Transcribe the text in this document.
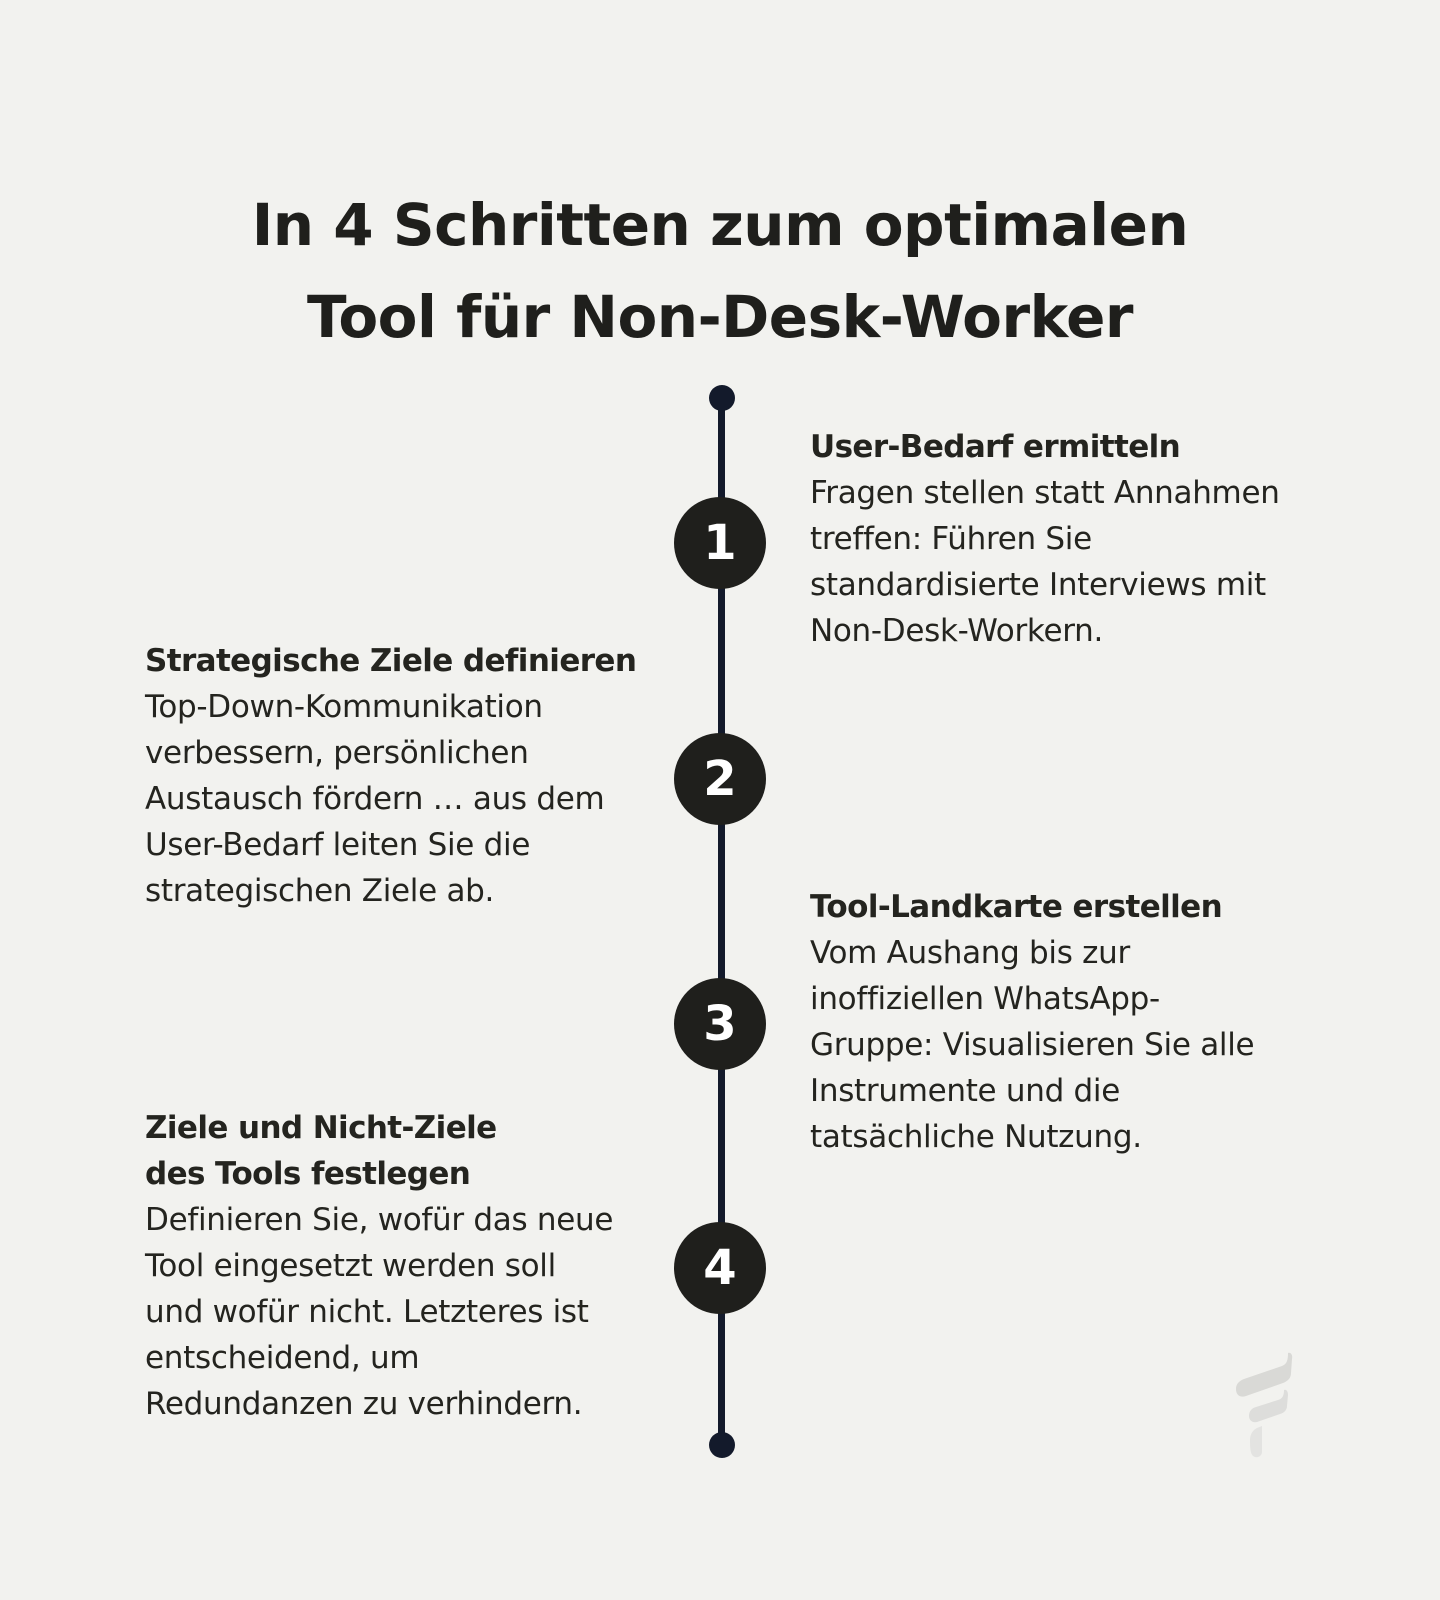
In 4 Schritten zum optimalen
Tool für Non-Desk-Worker
1
2
3
4
User-Bedarf ermitteln
Fragen stellen statt Annahmen
treffen: Führen Sie
standardisierte Interviews mit
Non-Desk-Workern.
Strategische Ziele definieren
Top-Down-Kommunikation
verbessern, persönlichen
Austausch fördern … aus dem
User-Bedarf leiten Sie die
strategischen Ziele ab.	Tool-Landkarte erstellen
Vom Aushang bis zur
inoffiziellen WhatsApp-
Gruppe: Visualisieren Sie alle
Instrumente und die
tatsächliche Nutzung.
Ziele und Nicht-Ziele
des Tools festlegen
Definieren Sie, wofür das neue
Tool eingesetzt werden soll
und wofür nicht. Letzteres ist
entscheidend, um
Redundanzen zu verhindern.
